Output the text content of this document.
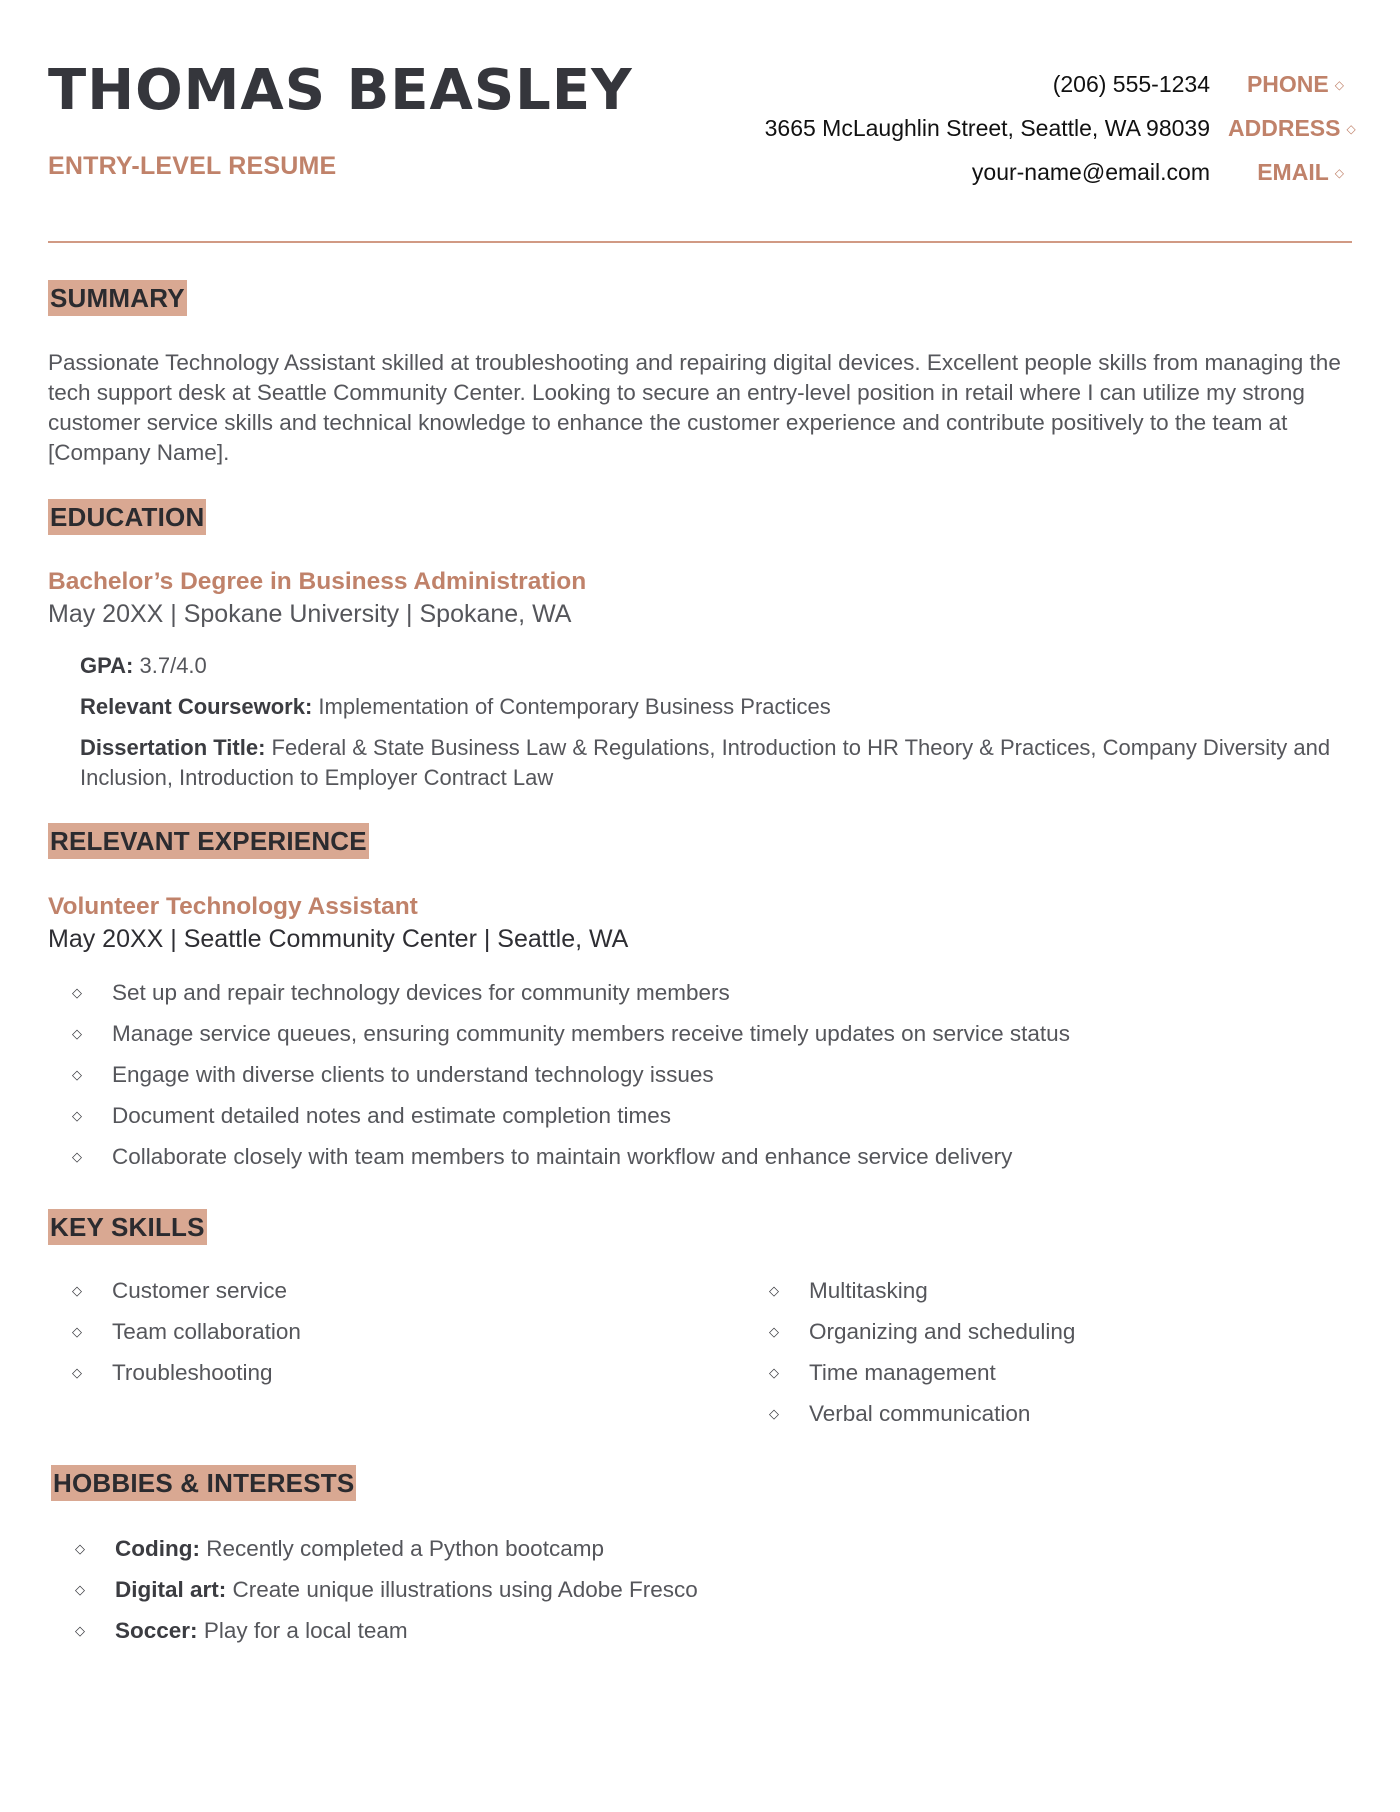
THOMAS BEASLEY
ENTRY-LEVEL RESUME
(206) 555-1234	PHONE ◇
3665 McLaughlin Street, Seattle, WA 98039 ADDRESS ◇
your-name@email.com	EMAIL ◇
SUMMARY

Passionate Technology Assistant skilled at troubleshooting and repairing digital devices. Excellent people skills from managing the tech support desk at Seattle Community Center. Looking to secure an entry-level position in retail where I can utilize my strong customer service skills and technical knowledge to enhance the customer experience and contribute positively to the team at [Company Name].

EDUCATION
Bachelor’s Degree in Business Administration
May 20XX | Spokane University | Spokane, WA

GPA: 3.7/4.0

Relevant Coursework: Implementation of Contemporary Business Practices

Dissertation Title: Federal & State Business Law & Regulations, Introduction to HR Theory & Practices, Company Diversity and Inclusion, Introduction to Employer Contract Law

RELEVANT EXPERIENCE
Volunteer Technology Assistant
May 20XX | Seattle Community Center | Seattle, WA
◇ Set up and repair technology devices for community members
◇ Manage service queues, ensuring community members receive timely updates on service status
◇ Engage with diverse clients to understand technology issues
◇ Document detailed notes and estimate completion times
◇ Collaborate closely with team members to maintain workflow and enhance service delivery
KEY SKILLS
◇ Customer service
◇ Team collaboration
◇ Troubleshooting
◇ Multitasking
◇ Organizing and scheduling
◇ Time management
◇ Verbal communication
HOBBIES & INTERESTS
◇ Coding: Recently completed a Python bootcamp
◇ Digital art: Create unique illustrations using Adobe Fresco
◇ Soccer: Play for a local team
